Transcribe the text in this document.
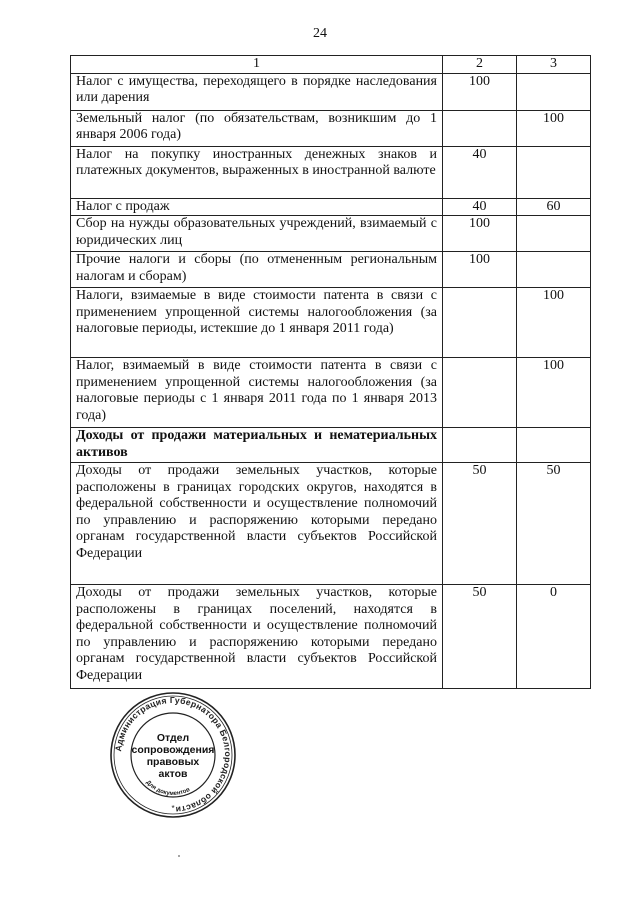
24
1	2	3
Налог с имущества, переходящего в порядке наследования или дарения	100	
Земельный налог (по обязательствам, возникшим до 1 января 2006 года)		100
Налог на покупку иностранных денежных знаков и платежных документов, выраженных в иностранной валюте	40	
Налог с продаж	40	60
Сбор на нужды образовательных учреждений, взимаемый с юридических лиц	100	
Прочие налоги и сборы (по отмененным региональным налогам и сборам)	100	
Налоги, взимаемые в виде стоимости патента в связи с применением упрощенной системы налогообложения (за налоговые периоды, истекшие до 1 января 2011 года)		100
Налог, взимаемый в виде стоимости патента в связи с применением упрощенной системы налогообложения (за налоговые периоды с 1 января 2011 года по 1 января 2013 года)		100
Доходы от продажи материальных и нематериальных активов		
Доходы от продажи земельных участков, которые расположены в границах городских округов, находятся в федеральной собственности и осуществление полномочий по управлению и распоряжению которыми передано органам государственной власти субъектов Российской Федерации	50	50
Доходы от продажи земельных участков, которые расположены в границах поселений, находятся в федеральной собственности и осуществление полномочий по управлению и распоряжению которыми передано органам государственной власти субъектов Российской Федерации	50	0
Администрация Губернатора Белгородской области
Для документов
*
Отдел
сопровождения
правовых
актов
